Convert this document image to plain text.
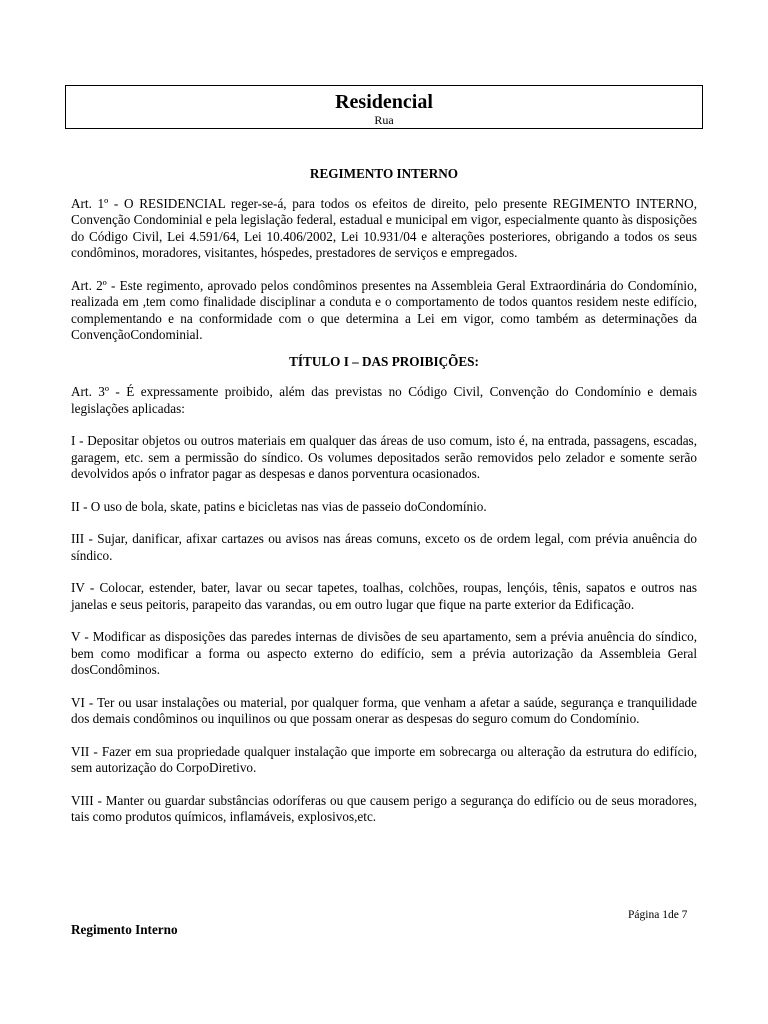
Residencial
Rua

REGIMENTO INTERNO

Art. 1º - O RESIDENCIAL reger-se-á, para todos os efeitos de direito, pelo presente REGIMENTO INTERNO, Convenção Condominial e pela legislação federal, estadual e municipal em vigor, especialmente quanto às disposições do Código Civil, Lei 4.591/64, Lei 10.406/2002, Lei 10.931/04 e alterações posteriores, obrigando a todos os seus condôminos, moradores, visitantes, hóspedes, prestadores de serviços e empregados.

Art. 2º - Este regimento, aprovado pelos condôminos presentes na Assembleia Geral Extraordinária do Condomínio, realizada em ,tem como finalidade disciplinar a conduta e o comportamento de todos quantos residem neste edifício, complementando e na conformidade com o que determina a Lei em vigor, como também as determinações da ConvençãoCondominial.

TÍTULO I – DAS PROIBIÇÕES:

Art. 3º - É expressamente proibido, além das previstas no Código Civil, Convenção do Condomínio e demais legislações aplicadas:

I - Depositar objetos ou outros materiais em qualquer das áreas de uso comum, isto é, na entrada, passagens, escadas, garagem, etc. sem a permissão do síndico. Os volumes depositados serão removidos pelo zelador e somente serão devolvidos após o infrator pagar as despesas e danos porventura ocasionados.

II - O uso de bola, skate, patins e bicicletas nas vias de passeio doCondomínio.

III - Sujar, danificar, afixar cartazes ou avisos nas áreas comuns, exceto os de ordem legal, com prévia anuência do síndico.

IV - Colocar, estender, bater, lavar ou secar tapetes, toalhas, colchões, roupas, lençóis, tênis, sapatos e outros nas janelas e seus peitoris, parapeito das varandas, ou em outro lugar que fique na parte exterior da Edificação.

V - Modificar as disposições das paredes internas de divisões de seu apartamento, sem a prévia anuência do síndico, bem como modificar a forma ou aspecto externo do edifício, sem a prévia autorização da Assembleia Geral dosCondôminos.

VI - Ter ou usar instalações ou material, por qualquer forma, que venham a afetar a saúde, segurança e tranquilidade dos demais condôminos ou inquilinos ou que possam onerar as despesas do seguro comum do Condomínio.

VII - Fazer em sua propriedade qualquer instalação que importe em sobrecarga ou alteração da estrutura do edifício, sem autorização do CorpoDiretivo.

VIII - Manter ou guardar substâncias odoríferas ou que causem perigo a segurança do edifício ou de seus moradores, tais como produtos químicos, inflamáveis, explosivos,etc.

Página 1de 7
Regimento Interno
